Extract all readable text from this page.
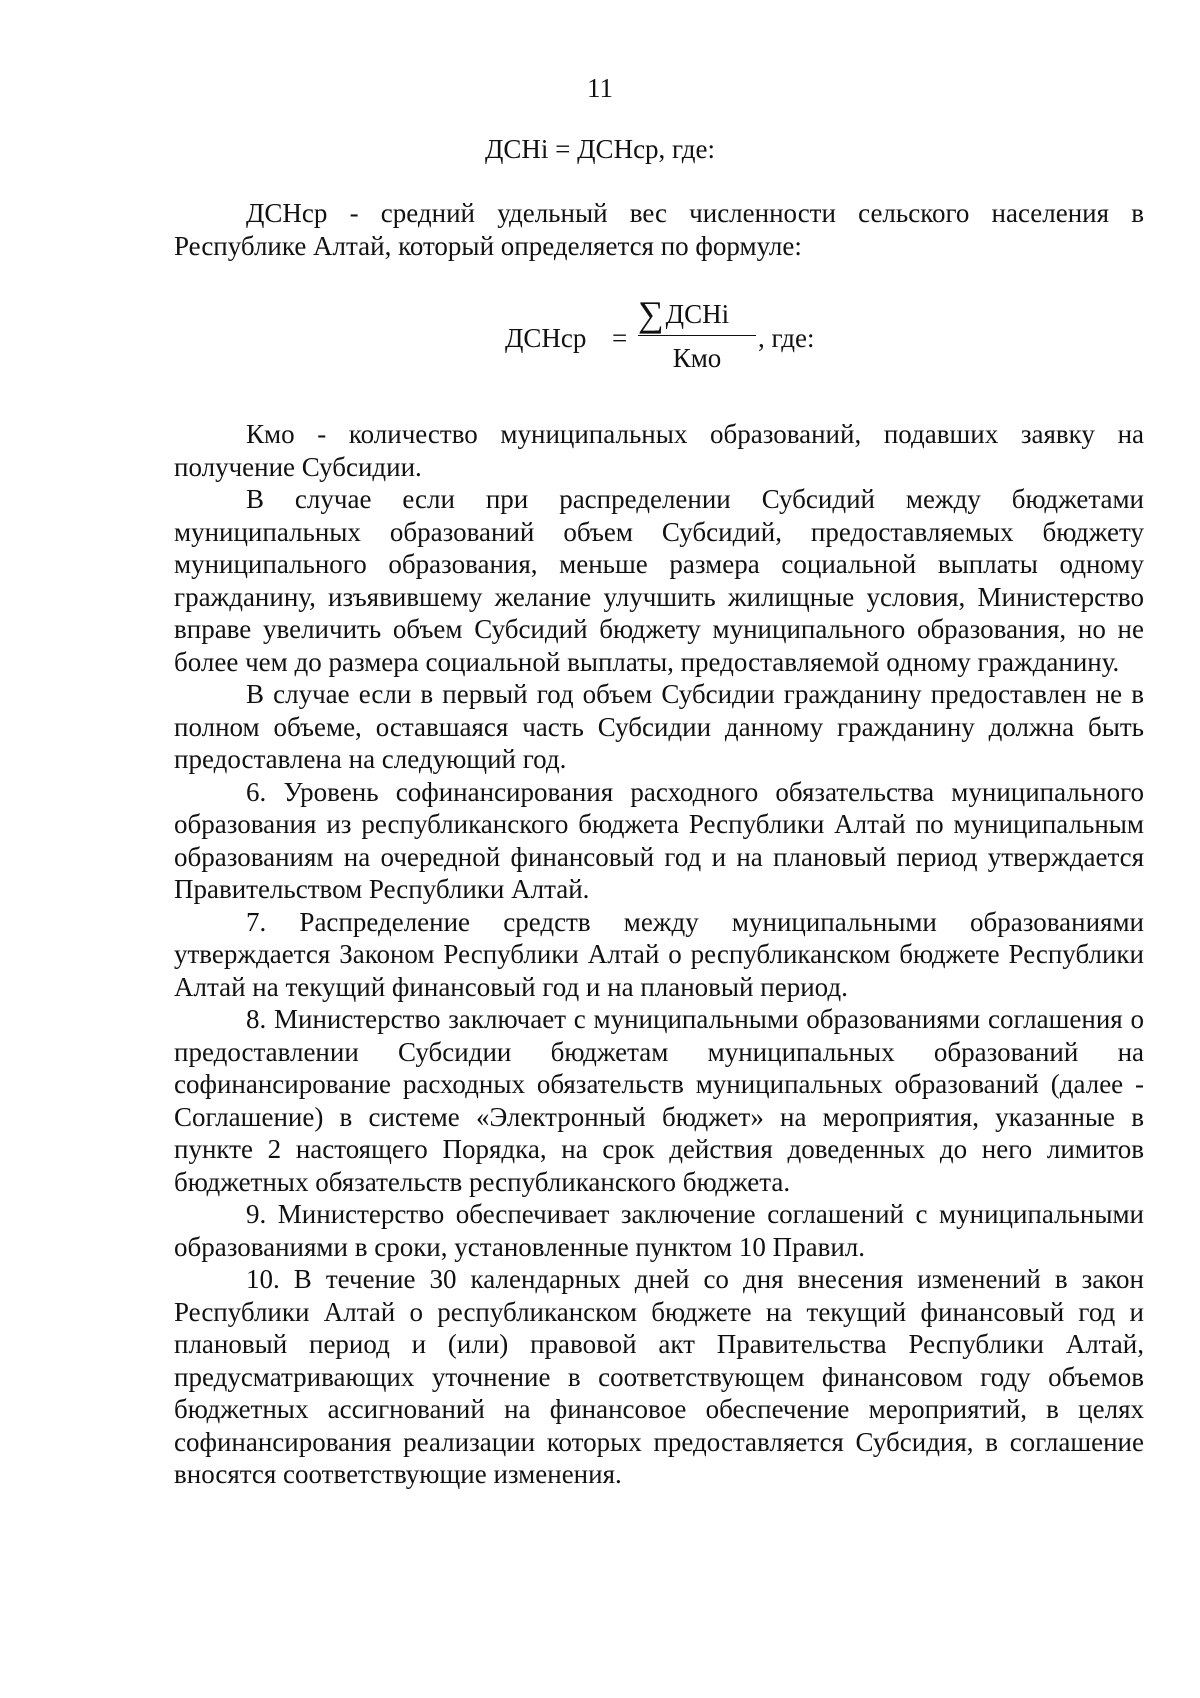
11
ДСНi = ДСНср, где:

ДСНср - средний удельный вес численности сельского населения в Республике Алтай, который определяется по формуле:

ДСНср =
∑ДСНi
Кмо
, где:

Кмо - количество муниципальных образований, подавших заявку на получение Субсидии.

В случае если при распределении Субсидий между бюджетами муниципальных образований объем Субсидий, предоставляемых бюджету муниципального образования, меньше размера социальной выплаты одному гражданину, изъявившему желание улучшить жилищные условия, Министерство вправе увеличить объем Субсидий бюджету муниципального образования, но не более чем до размера социальной выплаты, предоставляемой одному гражданину.

В случае если в первый год объем Субсидии гражданину предоставлен не в полном объеме, оставшаяся часть Субсидии данному гражданину должна быть предоставлена на следующий год.

6. Уровень софинансирования расходного обязательства муниципального образования из республиканского бюджета Республики Алтай по муниципальным образованиям на очередной финансовый год и на плановый период утверждается Правительством Республики Алтай.

7. Распределение средств между муниципальными образованиями утверждается Законом Республики Алтай о республиканском бюджете Республики Алтай на текущий финансовый год и на плановый период.

8. Министерство заключает с муниципальными образованиями соглашения о предоставлении Субсидии бюджетам муниципальных образований на софинансирование расходных обязательств муниципальных образований (далее - Соглашение) в системе «Электронный бюджет» на мероприятия, указанные в пункте 2 настоящего Порядка, на срок действия доведенных до него лимитов бюджетных обязательств республиканского бюджета.

9. Министерство обеспечивает заключение соглашений с муниципальными образованиями в сроки, установленные пунктом 10 Правил.

10. В течение 30 календарных дней со дня внесения изменений в закон Республики Алтай о республиканском бюджете на текущий финансовый год и плановый период и (или) правовой акт Правительства Республики Алтай, предусматривающих уточнение в соответствующем финансовом году объемов бюджетных ассигнований на финансовое обеспечение мероприятий, в целях софинансирования реализации которых предоставляется Субсидия, в соглашение вносятся соответствующие изменения.
